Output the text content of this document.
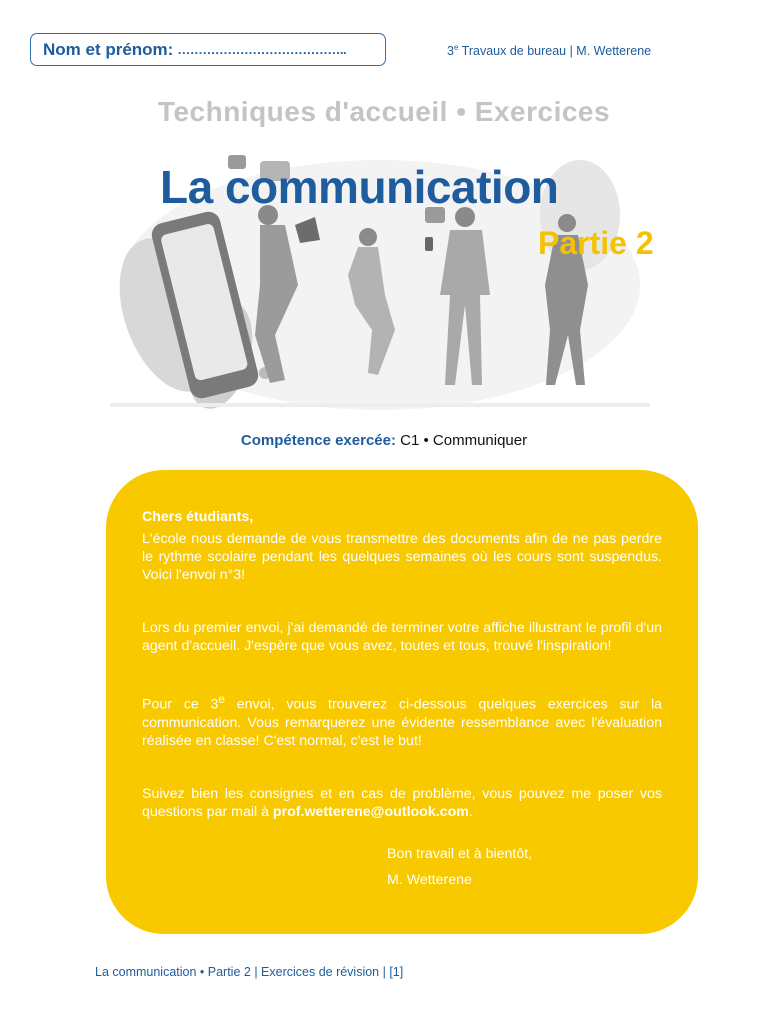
Nom et prénom: …………………………………..	3e Travaux de bureau | M. Wetterene
Techniques d'accueil • Exercices
La communication
Partie 2
Compétence exercée: C1 • Communiquer

Chers étudiants,

L'école nous demande de vous transmettre des documents afin de ne pas perdre le rythme scolaire pendant les quelques semaines où les cours sont suspendus. Voici l'envoi n°3!

Lors du premier envoi, j'ai demandé de terminer votre affiche illustrant le profil d'un agent d'accueil. J'espère que vous avez, toutes et tous, trouvé l'inspiration!

Pour ce 3e envoi, vous trouverez ci-dessous quelques exercices sur la communication. Vous remarquerez une évidente ressemblance avec l'évaluation réalisée en classe! C'est normal, c'est le but!

Suivez bien les consignes et en cas de problème, vous pouvez me poser vos questions par mail à prof.wetterene@outlook.com.

Bon travail et à bientôt,
M. Wetterene
La communication • Partie 2 | Exercices de révision | [1]
